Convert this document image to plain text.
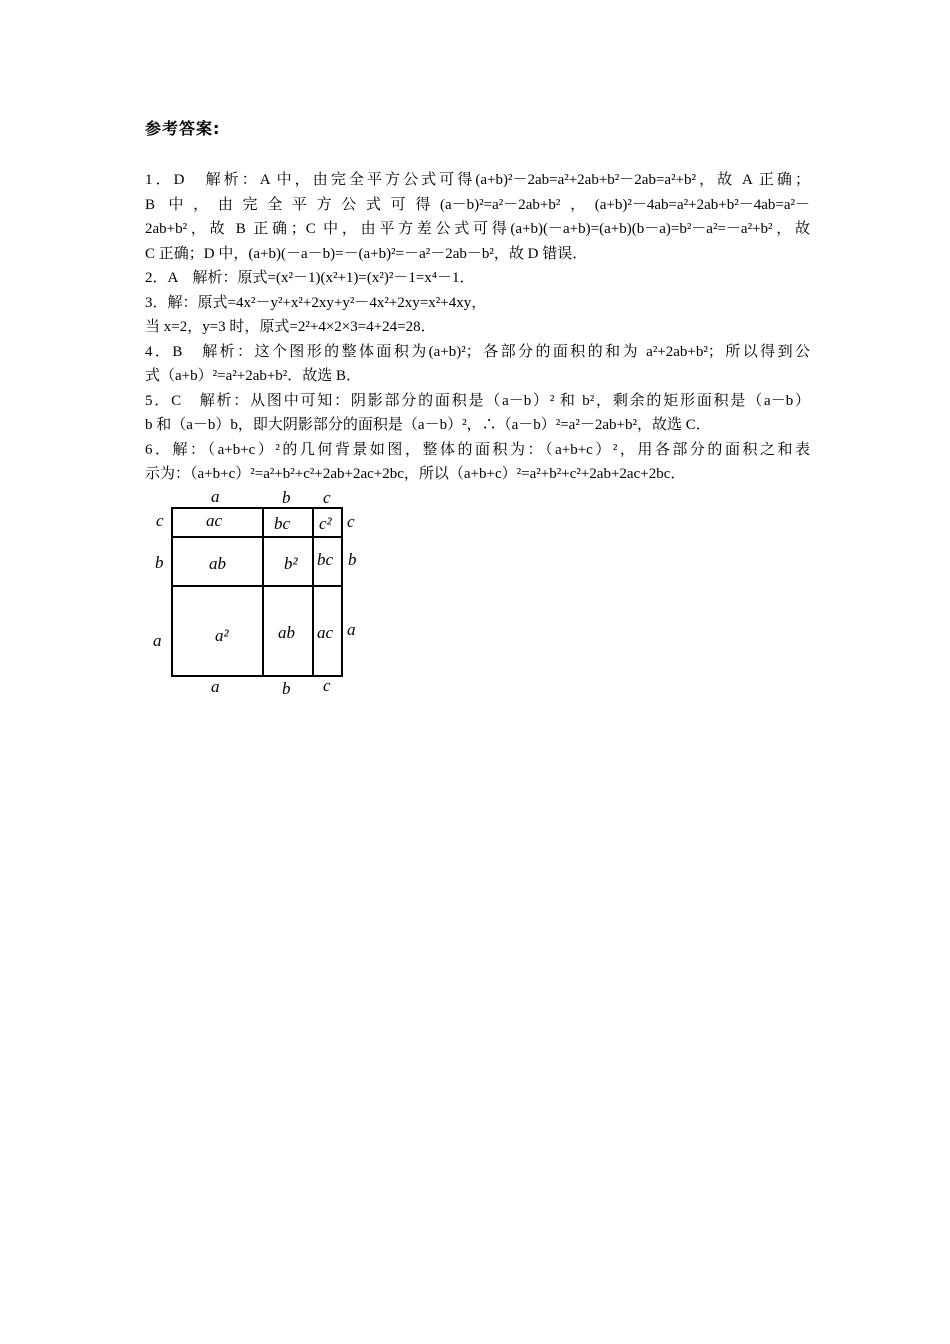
参考答案:
1．D　解析：A 中，由完全平方公式可得(a+b)²－2ab=a²+2ab+b²－2ab=a²+b²，故 A 正确；
B 中，由完全平方公式可得(a－b)²=a²－2ab+b²，(a+b)²－4ab=a²+2ab+b²－4ab=a²－
2ab+b²，故 B 正确；C 中，由平方差公式可得(a+b)(－a+b)=(a+b)(b－a)=b²－a²=－a²+b²，故
C 正确；D 中，(a+b)(－a－b)=－(a+b)²=－a²－2ab－b²，故 D 错误．
2．A　解析：原式=(x²－1)(x²+1)=(x²)²－1=x⁴－1．
3．解：原式=4x²－y²+x²+2xy+y²－4x²+2xy=x²+4xy，
当 x=2，y=3 时，原式=2²+4×2×3=4+24=28．
4．B　解析：这个图形的整体面积为(a+b)²；各部分的面积的和为 a²+2ab+b²；所以得到公
式（a+b）²=a²+2ab+b²．故选 B．
5．C　解析：从图中可知：阴影部分的面积是（a－b）² 和 b²，剩余的矩形面积是（a－b）
b 和（a－b）b，即大阴影部分的面积是（a－b）²，∴（a－b）²=a²－2ab+b²，故选 C．
6．解：（a+b+c）²的几何背景如图，整体的面积为：（a+b+c）²，用各部分的面积之和表
示为：（a+b+c）²=a²+b²+c²+2ab+2ac+2bc，所以（a+b+c）²=a²+b²+c²+2ab+2ac+2bc．
a	b c
a	b c
c
b
a
c
b
a
ac	bc c²
ab	b² bc
a²	ab ac
